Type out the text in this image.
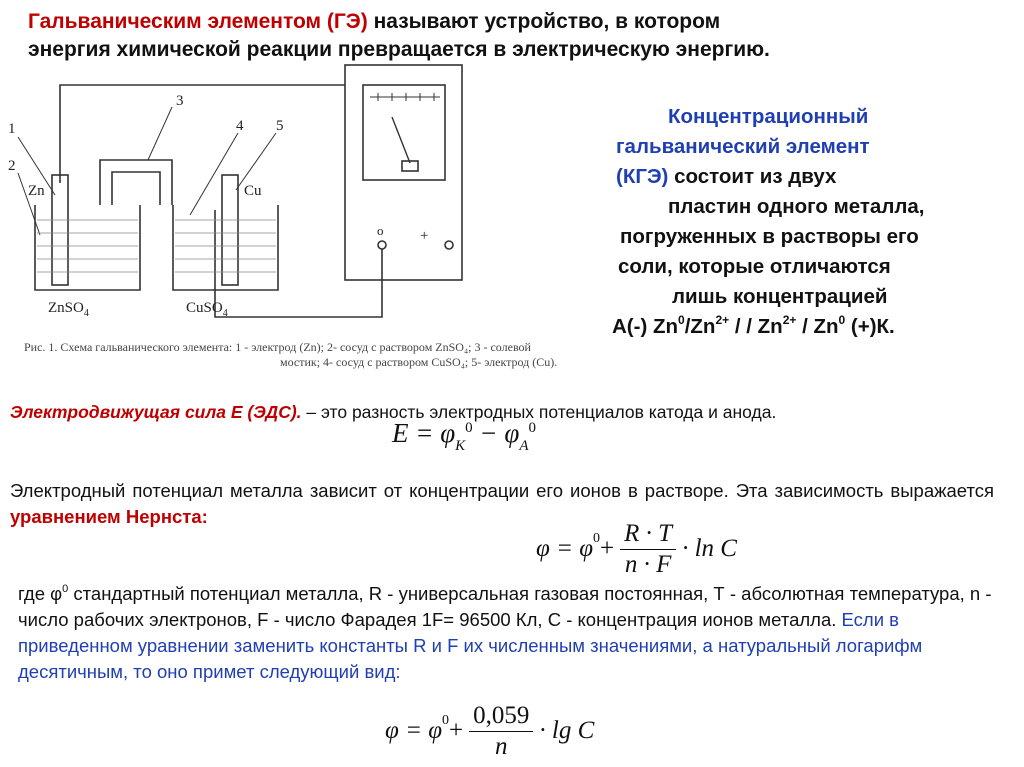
Гальваническим элементом (ГЭ) называют устройство, в котором
энергия химической реакции превращается в электрическую энергию.
1
2
3
4 5
Zn	Cu
ZnSO$_4$	CuSO$_4$
o +
Рис. 1. Схема гальванического элемента: 1 - электрод (Zn); 2- сосуд с раствором ZnSO₄; 3 - солевой
мостик; 4- сосуд с раствором CuSO₄; 5- электрод (Cu).
Концентрационный
гальванический элемент
(КГЭ) состоит из двух
пластин одного металла,
погруженных в растворы его
соли, которые отличаются
лишь концентрацией
А(-) $Zn^0/Zn^{2+}$ / / $Zn^{2+} / Zn^0$ (+)К.
Электродвижущая сила Е (ЭДС). – это разность электродных потенциалов катода и анода.
$E = \varphi_K^0 - \varphi_A^0$
Электродный потенциал металла зависит от концентрации его ионов в растворе. Эта зависимость выражается уравнением Нернста:
φ = φ $0 + \frac{R \cdot T}{n \cdot F} \cdot \ln C$
где $\varphi^0$ стандартный потенциал металла, R - универсальная газовая постоянная, Т - абсолютная температура, n - число рабочих электронов, F - число Фарадея 1F= 96500 Кл, С - концентрация ионов металла. Если в приведенном уравнении заменить константы R и F их численным значениями, а натуральный логарифм десятичным, то оно примет следующий вид:
φ = φ $0 + \frac{0,059}{n} \cdot \lg C$
